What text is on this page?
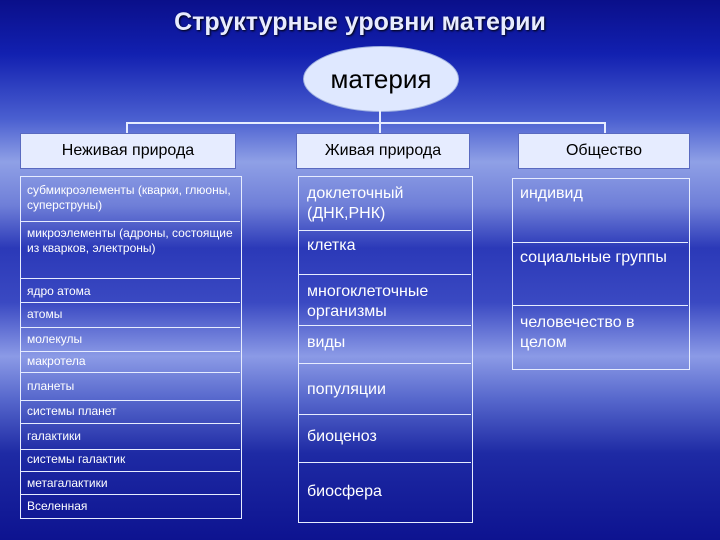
Структурные уровни материи
материя
Неживая природа	Живая природа	Общество
субмикроэлементы (кварки, глюоны, суперструны)
микроэлементы (адроны, состоящие из кварков, электроны)
ядро атома
атомы
молекулы
макротела
планеты
системы планет
галактики
системы галактик
метагалактики
Вселенная
доклеточный (ДНК,РНК)
клетка
многоклеточные организмы
виды
популяции
биоценоз
биосфера
индивид
социальные группы
человечество в целом
